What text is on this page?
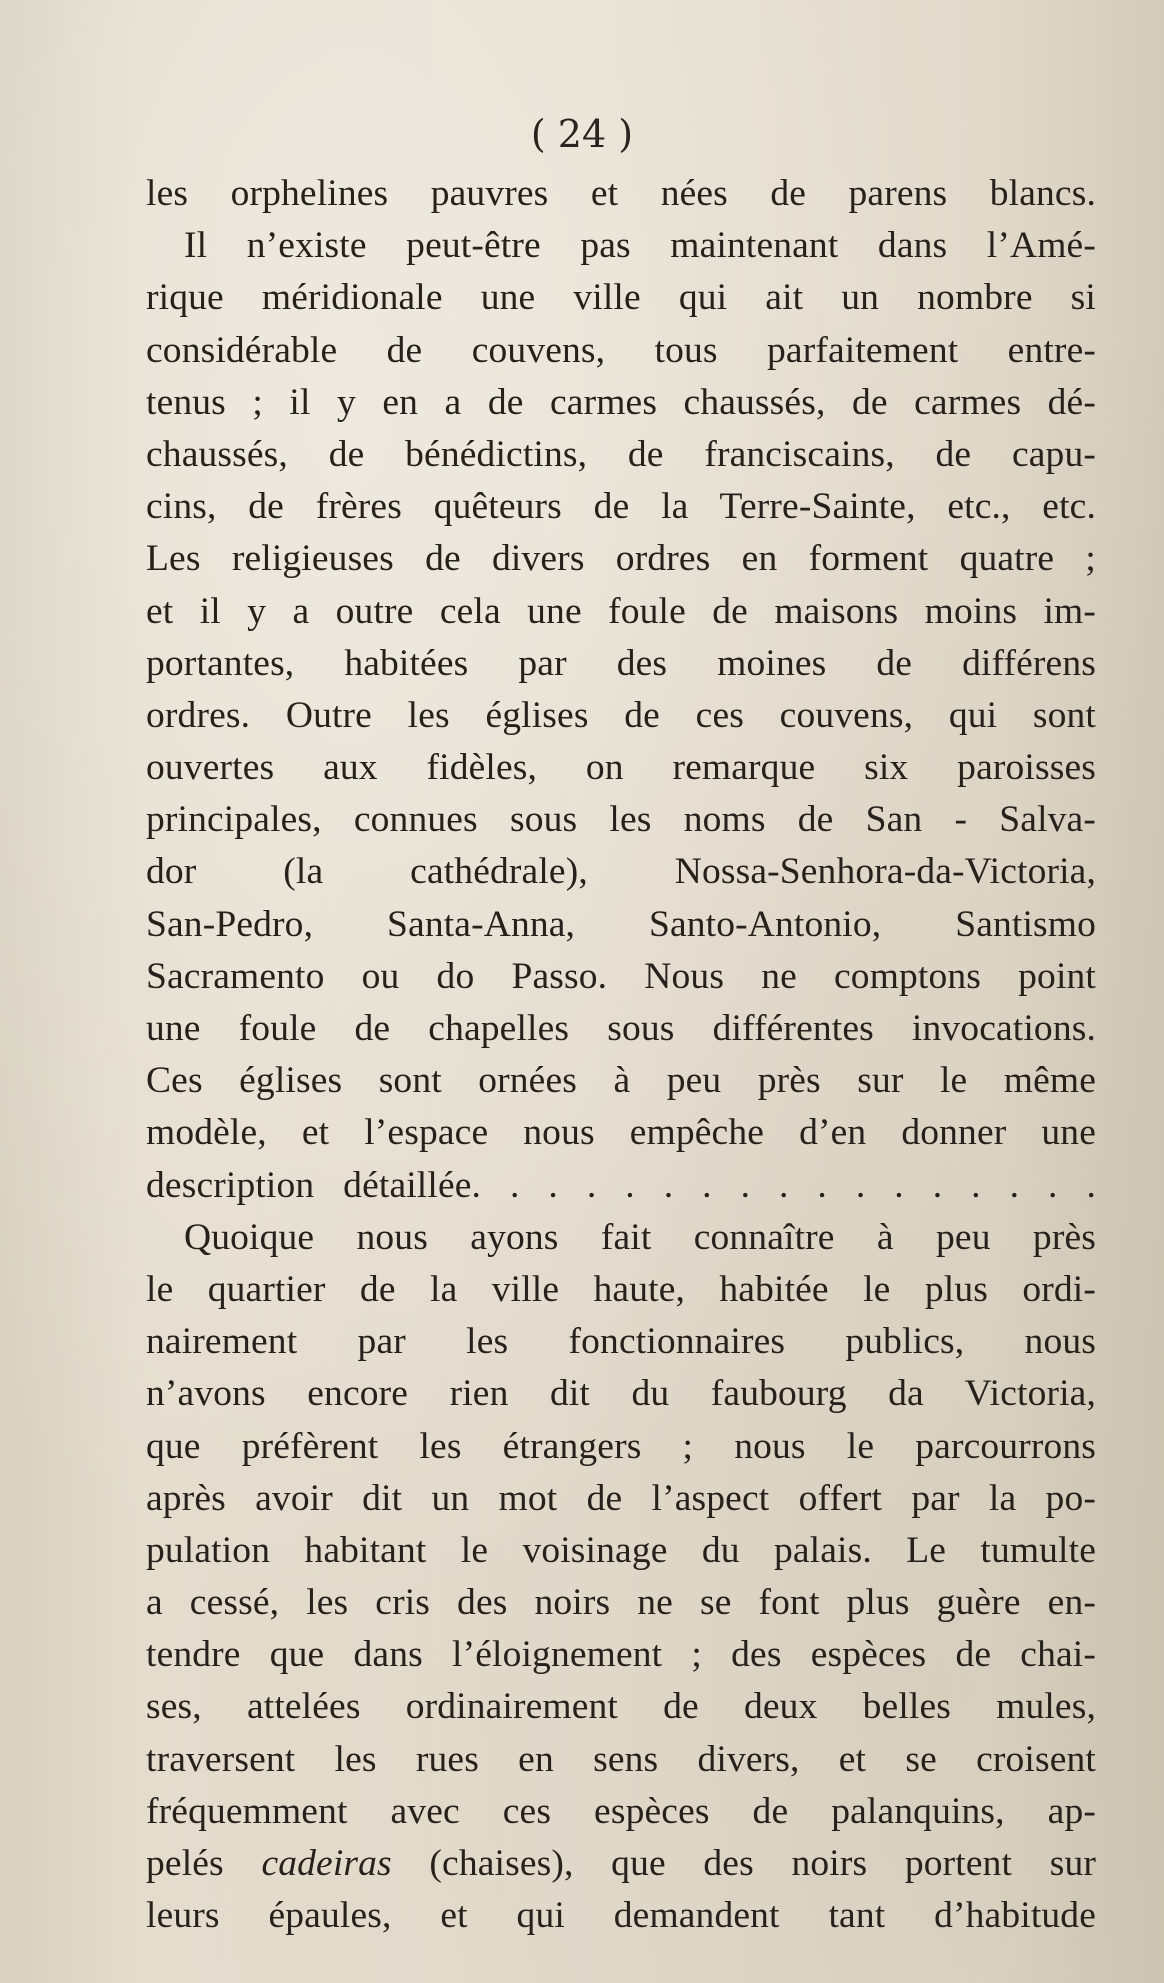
( 24 )
les orphelines pauvres et nées de parens blancs.
Il n’existe peut-être pas maintenant dans l’Amé-
rique méridionale une ville qui ait un nombre si
considérable de couvens, tous parfaitement entre-
tenus ; il y en a de carmes chaussés, de carmes dé-
chaussés, de bénédictins, de franciscains, de capu-
cins, de frères quêteurs de la Terre-Sainte, etc., etc.
Les religieuses de divers ordres en forment quatre ;
et il y a outre cela une foule de maisons moins im-
portantes, habitées par des moines de différens
ordres. Outre les églises de ces couvens, qui sont
ouvertes aux fidèles, on remarque six paroisses
principales, connues sous les noms de San - Salva-
dor (la cathédrale), Nossa-Senhora-da-Victoria,
San-Pedro, Santa-Anna, Santo-Antonio, Santismo
Sacramento ou do Passo. Nous ne comptons point
une foule de chapelles sous différentes invocations.
Ces églises sont ornées à peu près sur le même
modèle, et l’espace nous empêche d’en donner une
description détaillée. . . . . . . . . . . . . . . . .
Quoique nous ayons fait connaître à peu près
le quartier de la ville haute, habitée le plus ordi-
nairement par les fonctionnaires publics, nous
n’avons encore rien dit du faubourg da Victoria,
que préfèrent les étrangers ; nous le parcourrons
après avoir dit un mot de l’aspect offert par la po-
pulation habitant le voisinage du palais. Le tumulte
a cessé, les cris des noirs ne se font plus guère en-
tendre que dans l’éloignement ; des espèces de chai-
ses, attelées ordinairement de deux belles mules,
traversent les rues en sens divers, et se croisent
fréquemment avec ces espèces de palanquins, ap-
pelés cadeiras (chaises), que des noirs portent sur
leurs épaules, et qui demandent tant d’habitude
